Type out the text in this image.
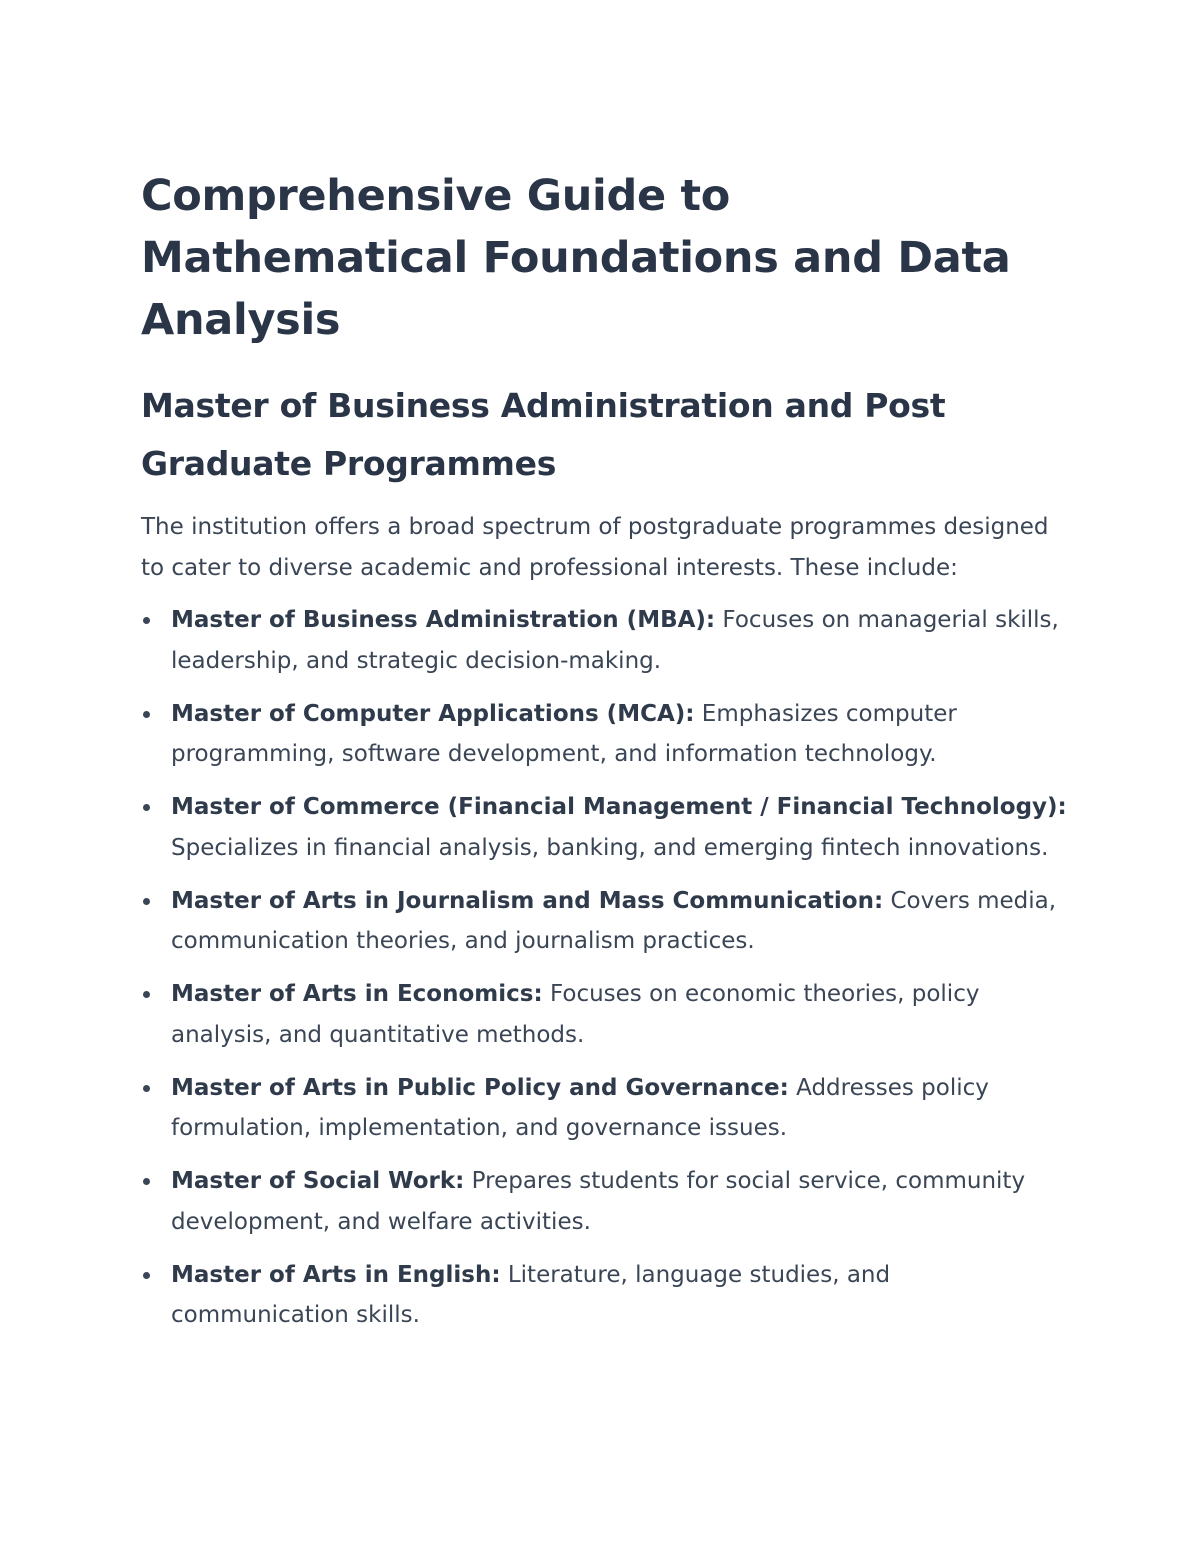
Comprehensive Guide to Mathematical Foundations and Data Analysis
Master of Business Administration and Post Graduate Programmes

The institution offers a broad spectrum of postgraduate programmes designed to cater to diverse academic and professional interests. These include:

Master of Business Administration (MBA): Focuses on managerial skills, leadership, and strategic decision-making.
Master of Computer Applications (MCA): Emphasizes computer programming, software development, and information technology.
Master of Commerce (Financial Management / Financial Technology): Specializes in financial analysis, banking, and emerging fintech innovations.
Master of Arts in Journalism and Mass Communication: Covers media, communication theories, and journalism practices.
Master of Arts in Economics: Focuses on economic theories, policy analysis, and quantitative methods.
Master of Arts in Public Policy and Governance: Addresses policy formulation, implementation, and governance issues.
Master of Social Work: Prepares students for social service, community development, and welfare activities.
Master of Arts in English: Literature, language studies, and communication skills.
